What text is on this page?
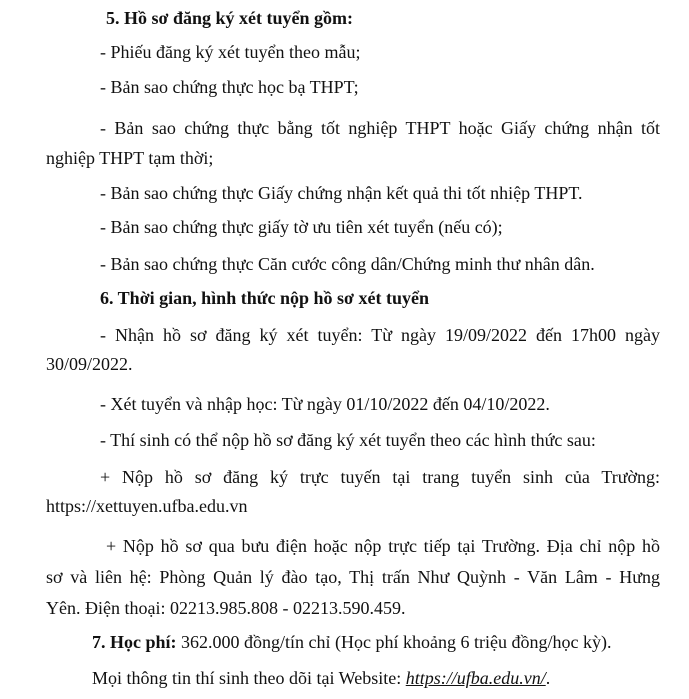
5. Hồ sơ đăng ký xét tuyển gồm:
- Phiếu đăng ký xét tuyển theo mẫu;
- Bản sao chứng thực học bạ THPT;
- Bản sao chứng thực bằng tốt nghiệp THPT hoặc Giấy chứng nhận tốt
nghiệp THPT tạm thời;
- Bản sao chứng thực Giấy chứng nhận kết quả thi tốt nhiệp THPT.
- Bản sao chứng thực giấy tờ ưu tiên xét tuyển (nếu có);
- Bản sao chứng thực Căn cước công dân/Chứng minh thư nhân dân.
6. Thời gian, hình thức nộp hồ sơ xét tuyển
- Nhận hồ sơ đăng ký xét tuyển: Từ ngày 19/09/2022 đến 17h00 ngày
30/09/2022.
- Xét tuyển và nhập học: Từ ngày 01/10/2022 đến 04/10/2022.
- Thí sinh có thể nộp hồ sơ đăng ký xét tuyển theo các hình thức sau:
+ Nộp hồ sơ đăng ký trực tuyến tại trang tuyển sinh của Trường:
https://xettuyen.ufba.edu.vn
+ Nộp hồ sơ qua bưu điện hoặc nộp trực tiếp tại Trường. Địa chỉ nộp hồ
sơ và liên hệ: Phòng Quản lý đào tạo, Thị trấn Như Quỳnh - Văn Lâm - Hưng
Yên. Điện thoại: 02213.985.808 - 02213.590.459.
7. Học phí: 362.000 đồng/tín chỉ (Học phí khoảng 6 triệu đồng/học kỳ).
Mọi thông tin thí sinh theo dõi tại Website: https://ufba.edu.vn/.
